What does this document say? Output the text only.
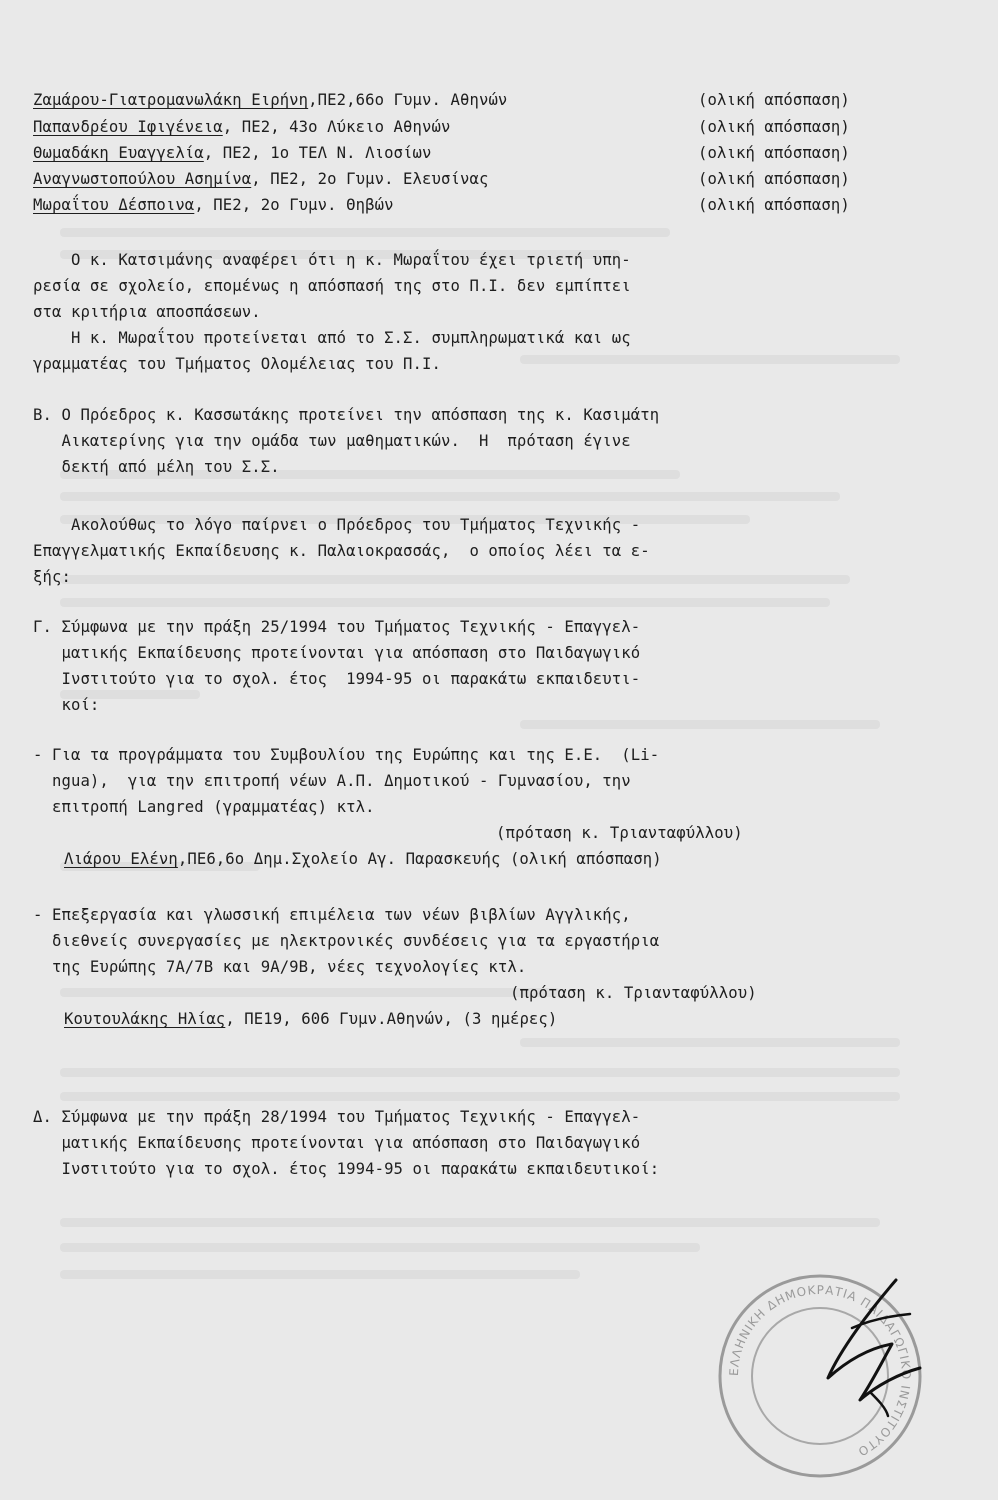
Ζαμάρου-Γιατρομανωλάκη Ειρήνη,ΠΕ2,66ο Γυμν. Αθηνών	(ολική απόσπαση)
Παπανδρέου Ιφιγένεια, ΠΕ2, 43ο Λύκειο Αθηνών	(ολική απόσπαση)
Θωμαδάκη Ευαγγελία, ΠΕ2, 1ο ΤΕΛ Ν. Λιοσίων	(ολική απόσπαση)
Αναγνωστοπούλου Ασημίνα, ΠΕ2, 2ο Γυμν. Ελευσίνας	(ολική απόσπαση)
Μωραΐτου Δέσποινα, ΠΕ2, 2ο Γυμν. Θηβών	(ολική απόσπαση)
Ο κ. Κατσιμάνης αναφέρει ότι η κ. Μωραΐτου έχει τριετή υπη-
ρεσία σε σχολείο, επομένως η απόσπασή της στο Π.Ι. δεν εμπίπτει
στα κριτήρια αποσπάσεων.
Η κ. Μωραΐτου προτείνεται από το Σ.Σ. συμπληρωματικά και ως
γραμματέας του Τμήματος Ολομέλειας του Π.Ι.
Β. Ο Πρόεδρος κ. Κασσωτάκης προτείνει την απόσπαση της κ. Κασιμάτη
Αικατερίνης για την ομάδα των μαθηματικών.  Η  πρόταση έγινε
δεκτή από μέλη του Σ.Σ.
Ακολούθως το λόγο παίρνει ο Πρόεδρος του Τμήματος Τεχνικής -
Επαγγελματικής Εκπαίδευσης κ. Παλαιοκρασσάς,  ο οποίος λέει τα ε-
ξής:
Γ. Σύμφωνα με την πράξη 25/1994 του Τμήματος Τεχνικής - Επαγγελ-
ματικής Εκπαίδευσης προτείνονται για απόσπαση στο Παιδαγωγικό
Ινστιτούτο για το σχολ. έτος  1994-95 οι παρακάτω εκπαιδευτι-
κοί:
- Για τα προγράμματα του Συμβουλίου της Ευρώπης και της Ε.Ε.  (Li-
ngua),  για την επιτροπή νέων Α.Π. Δημοτικού - Γυμνασίου, την
επιτροπή Langred (γραμματέας) κτλ.
(πρόταση κ. Τριανταφύλλου)
Λιάρου Ελένη,ΠΕ6,6ο Δημ.Σχολείο Αγ. Παρασκευής (ολική απόσπαση)
- Επεξεργασία και γλωσσική επιμέλεια των νέων βιβλίων Αγγλικής,
διεθνείς συνεργασίες με ηλεκτρονικές συνδέσεις για τα εργαστήρια
της Ευρώπης 7Α/7Β και 9Α/9Β, νέες τεχνολογίες κτλ.
(πρόταση κ. Τριανταφύλλου)
Κουτουλάκης Ηλίας, ΠΕ19, 606 Γυμν.Αθηνών, (3 ημέρες)
Δ. Σύμφωνα με την πράξη 28/1994 του Τμήματος Τεχνικής - Επαγγελ-
ματικής Εκπαίδευσης προτείνονται για απόσπαση στο Παιδαγωγικό
Ινστιτούτο για το σχολ. έτος 1994-95 οι παρακάτω εκπαιδευτικοί:
ΕΛΛΗΝΙΚΗ ΔΗΜΟΚΡΑΤΙΑ ΠΑΙΔΑΓΩΓΙΚΟ ΙΝΣΤΙΤΟΥΤΟ
